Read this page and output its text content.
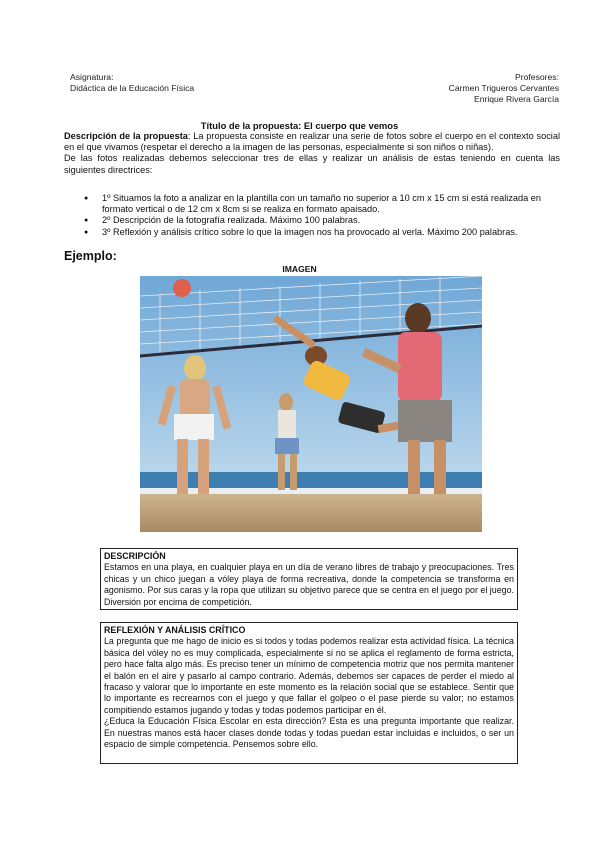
Asignatura:
Didáctica de la Educación Física
Profesores:
Carmen Trigueros Cervantes
Enrique Rivera García
Título de la propuesta: El cuerpo que vemos
Descripción de la propuesta: La propuesta consiste en realizar una serie de fotos sobre el cuerpo en el contexto social en el que vivamos (respetar el derecho a la imagen de las personas, especialmente si son niños o niñas).
De las fotos realizadas debemos seleccionar tres de ellas y realizar un análisis de estas teniendo en cuenta las siguientes directrices:
● 1º Situamos la foto a analizar en la plantilla con un tamaño no superior a 10 cm x 15 cm si está realizada en formato vertical o de 12 cm x 8cm si se realiza en formato apaisado.
● 2º Descripción de la fotografía realizada. Máximo 100 palabras.
● 3º Reflexión y análisis crítico sobre lo que la imagen nos ha provocado al verla. Máximo 200 palabras.
Ejemplo:
IMAGEN
DESCRIPCIÓN
Estamos en una playa, en cualquier playa en un día de verano libres de trabajo y preocupaciones. Tres chicas y un chico juegan a vóley playa de forma recreativa, donde la competencia se transforma en agonismo. Por sus caras y la ropa que utilizan su objetivo parece que se centra en el juego por el juego. Diversión por encima de competición.
REFLEXIÓN Y ANÁLISIS CRÍTICO
La pregunta que me hago de inicio es si todos y todas podemos realizar esta actividad física. La técnica básica del vóley no es muy complicada, especialmente si no se aplica el reglamento de forma estricta, pero hace falta algo más. Es preciso tener un mínimo de competencia motriz que nos permita mantener el balón en el aire y pasarlo al campo contrario. Además, debemos ser capaces de perder el miedo al fracaso y valorar que lo importante en este momento es la relación social que se establece. Sentir que lo importante es recrearnos con el juego y que fallar el golpeo o el pase pierde su valor; no estamos compitiendo estamos jugando y todas y todas podemos participar en él.
¿Educa la Educación Física Escolar en esta dirección? Esta es una pregunta importante que realizar. En nuestras manos está hacer clases donde todas y todas puedan estar incluidas e incluidos, o ser un espacio de simple competencia. Pensemos sobre ello.
